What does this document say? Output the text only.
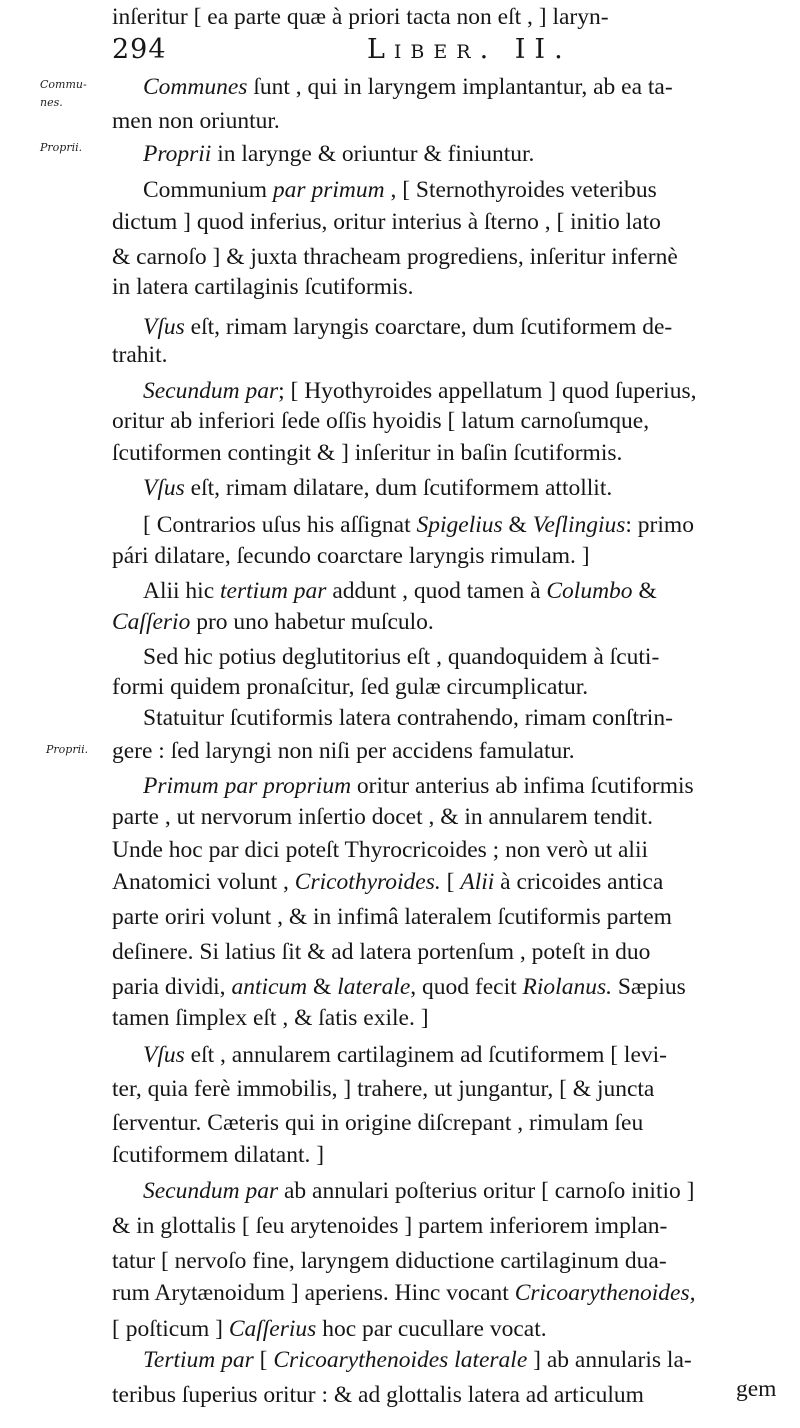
294	Liber. II.
Commu-
nes.
Proprii.
Proprii.
Communes ſunt , qui in laryngem implantantur, ab ea ta-
men non oriuntur.
Proprii in larynge & oriuntur & finiuntur.
Communium par primum , [ Sternothyroides veteribus
dictum ] quod inferius, oritur interius à ſterno , [ initio lato
& carnoſo ] & juxta thracheam progrediens, inſeritur infernè
in latera cartilaginis ſcutiformis.
Vſus eſt, rimam laryngis coarctare, dum ſcutiformem de-
trahit.
Secundum par; [ Hyothyroides appellatum ] quod ſuperius,
oritur ab inferiori ſede oſſis hyoidis [ latum carnoſumque,
ſcutiformen contingit & ] inſeritur in baſin ſcutiformis.
Vſus eſt, rimam dilatare, dum ſcutiformem attollit.
[ Contrarios uſus his aſſignat Spigelius & Veſlingius: primo
pári dilatare, ſecundo coarctare laryngis rimulam. ]
Alii hic tertium par addunt , quod tamen à Columbo &
Caſſerio pro uno habetur muſculo.
Sed hic potius deglutitorius eſt , quandoquidem à ſcuti-
formi quidem pronaſcitur, ſed gulæ circumplicatur.
Statuitur ſcutiformis latera contrahendo, rimam conſtrin-
gere : ſed laryngi non niſi per accidens famulatur.
Primum par proprium oritur anterius ab infima ſcutiformis
parte , ut nervorum inſertio docet , & in annularem tendit.
Unde hoc par dici poteſt Thyrocricoides ; non verò ut alii
Anatomici volunt , Cricothyroides. [ Alii à cricoides antica
parte oriri volunt , & in infimâ lateralem ſcutiformis partem
deſinere. Si latius ſit & ad latera portenſum , poteſt in duo
paria dividi, anticum & laterale, quod fecit Riolanus. Sæpius
tamen ſimplex eſt , & ſatis exile. ]
Vſus eſt , annularem cartilaginem ad ſcutiformem [ levi-
ter, quia ferè immobilis, ] trahere, ut jungantur, [ & juncta
ſerventur. Cæteris qui in origine diſcrepant , rimulam ſeu
ſcutiformem dilatant. ]
Secundum par ab annulari poſterius oritur [ carnoſo initio ]
& in glottalis [ ſeu arytenoides ] partem inferiorem implan-
tatur [ nervoſo fine, laryngem diductione cartilaginum dua-
rum Arytænoidum ] aperiens. Hinc vocant Cricoarythenoides,
[ poſticum ] Caſſerius hoc par cucullare vocat.
Tertium par [ Cricoarythenoides laterale ] ab annularis la-
teribus ſuperius oritur : & ad glottalis latera ad articulum
inſeritur [ ea parte quæ à priori tacta non eſt , ] laryn-
gem
